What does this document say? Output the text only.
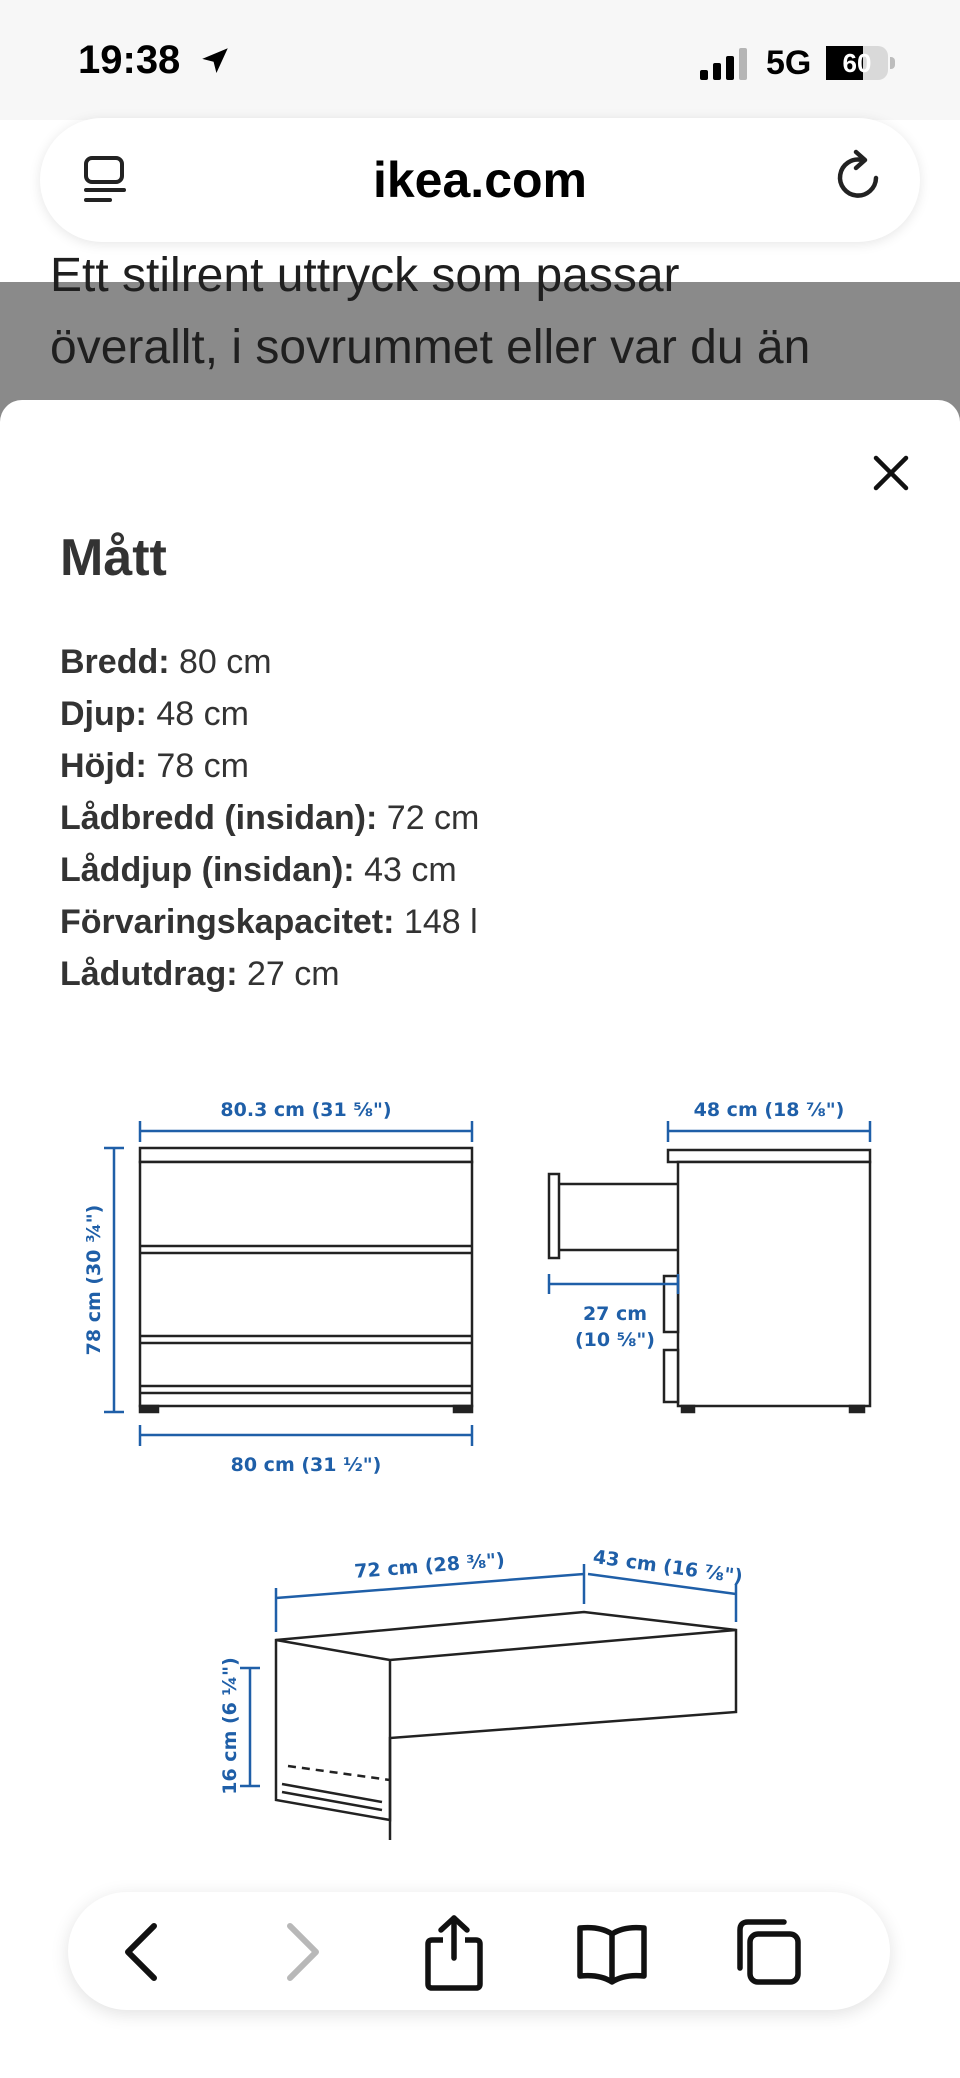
19:38	5G	60
ikea.com
Ett stilrent uttryck som passar
överallt, i sovrummet eller var du än
Mått
Bredd: 80 cm
Djup: 48 cm
Höjd: 78 cm
Lådbredd (insidan): 72 cm
Låddjup (insidan): 43 cm
Förvaringskapacitet: 148 l
Lådutdrag: 27 cm
80.3 cm (31 ⅝")
78 cm (30 ¾")
80 cm (31 ½")
48 cm (18 ⅞")
27 cm
(10 ⅝")
72 cm (28 ⅜")	43 cm (16 ⅞")
16 cm (6 ¼")
